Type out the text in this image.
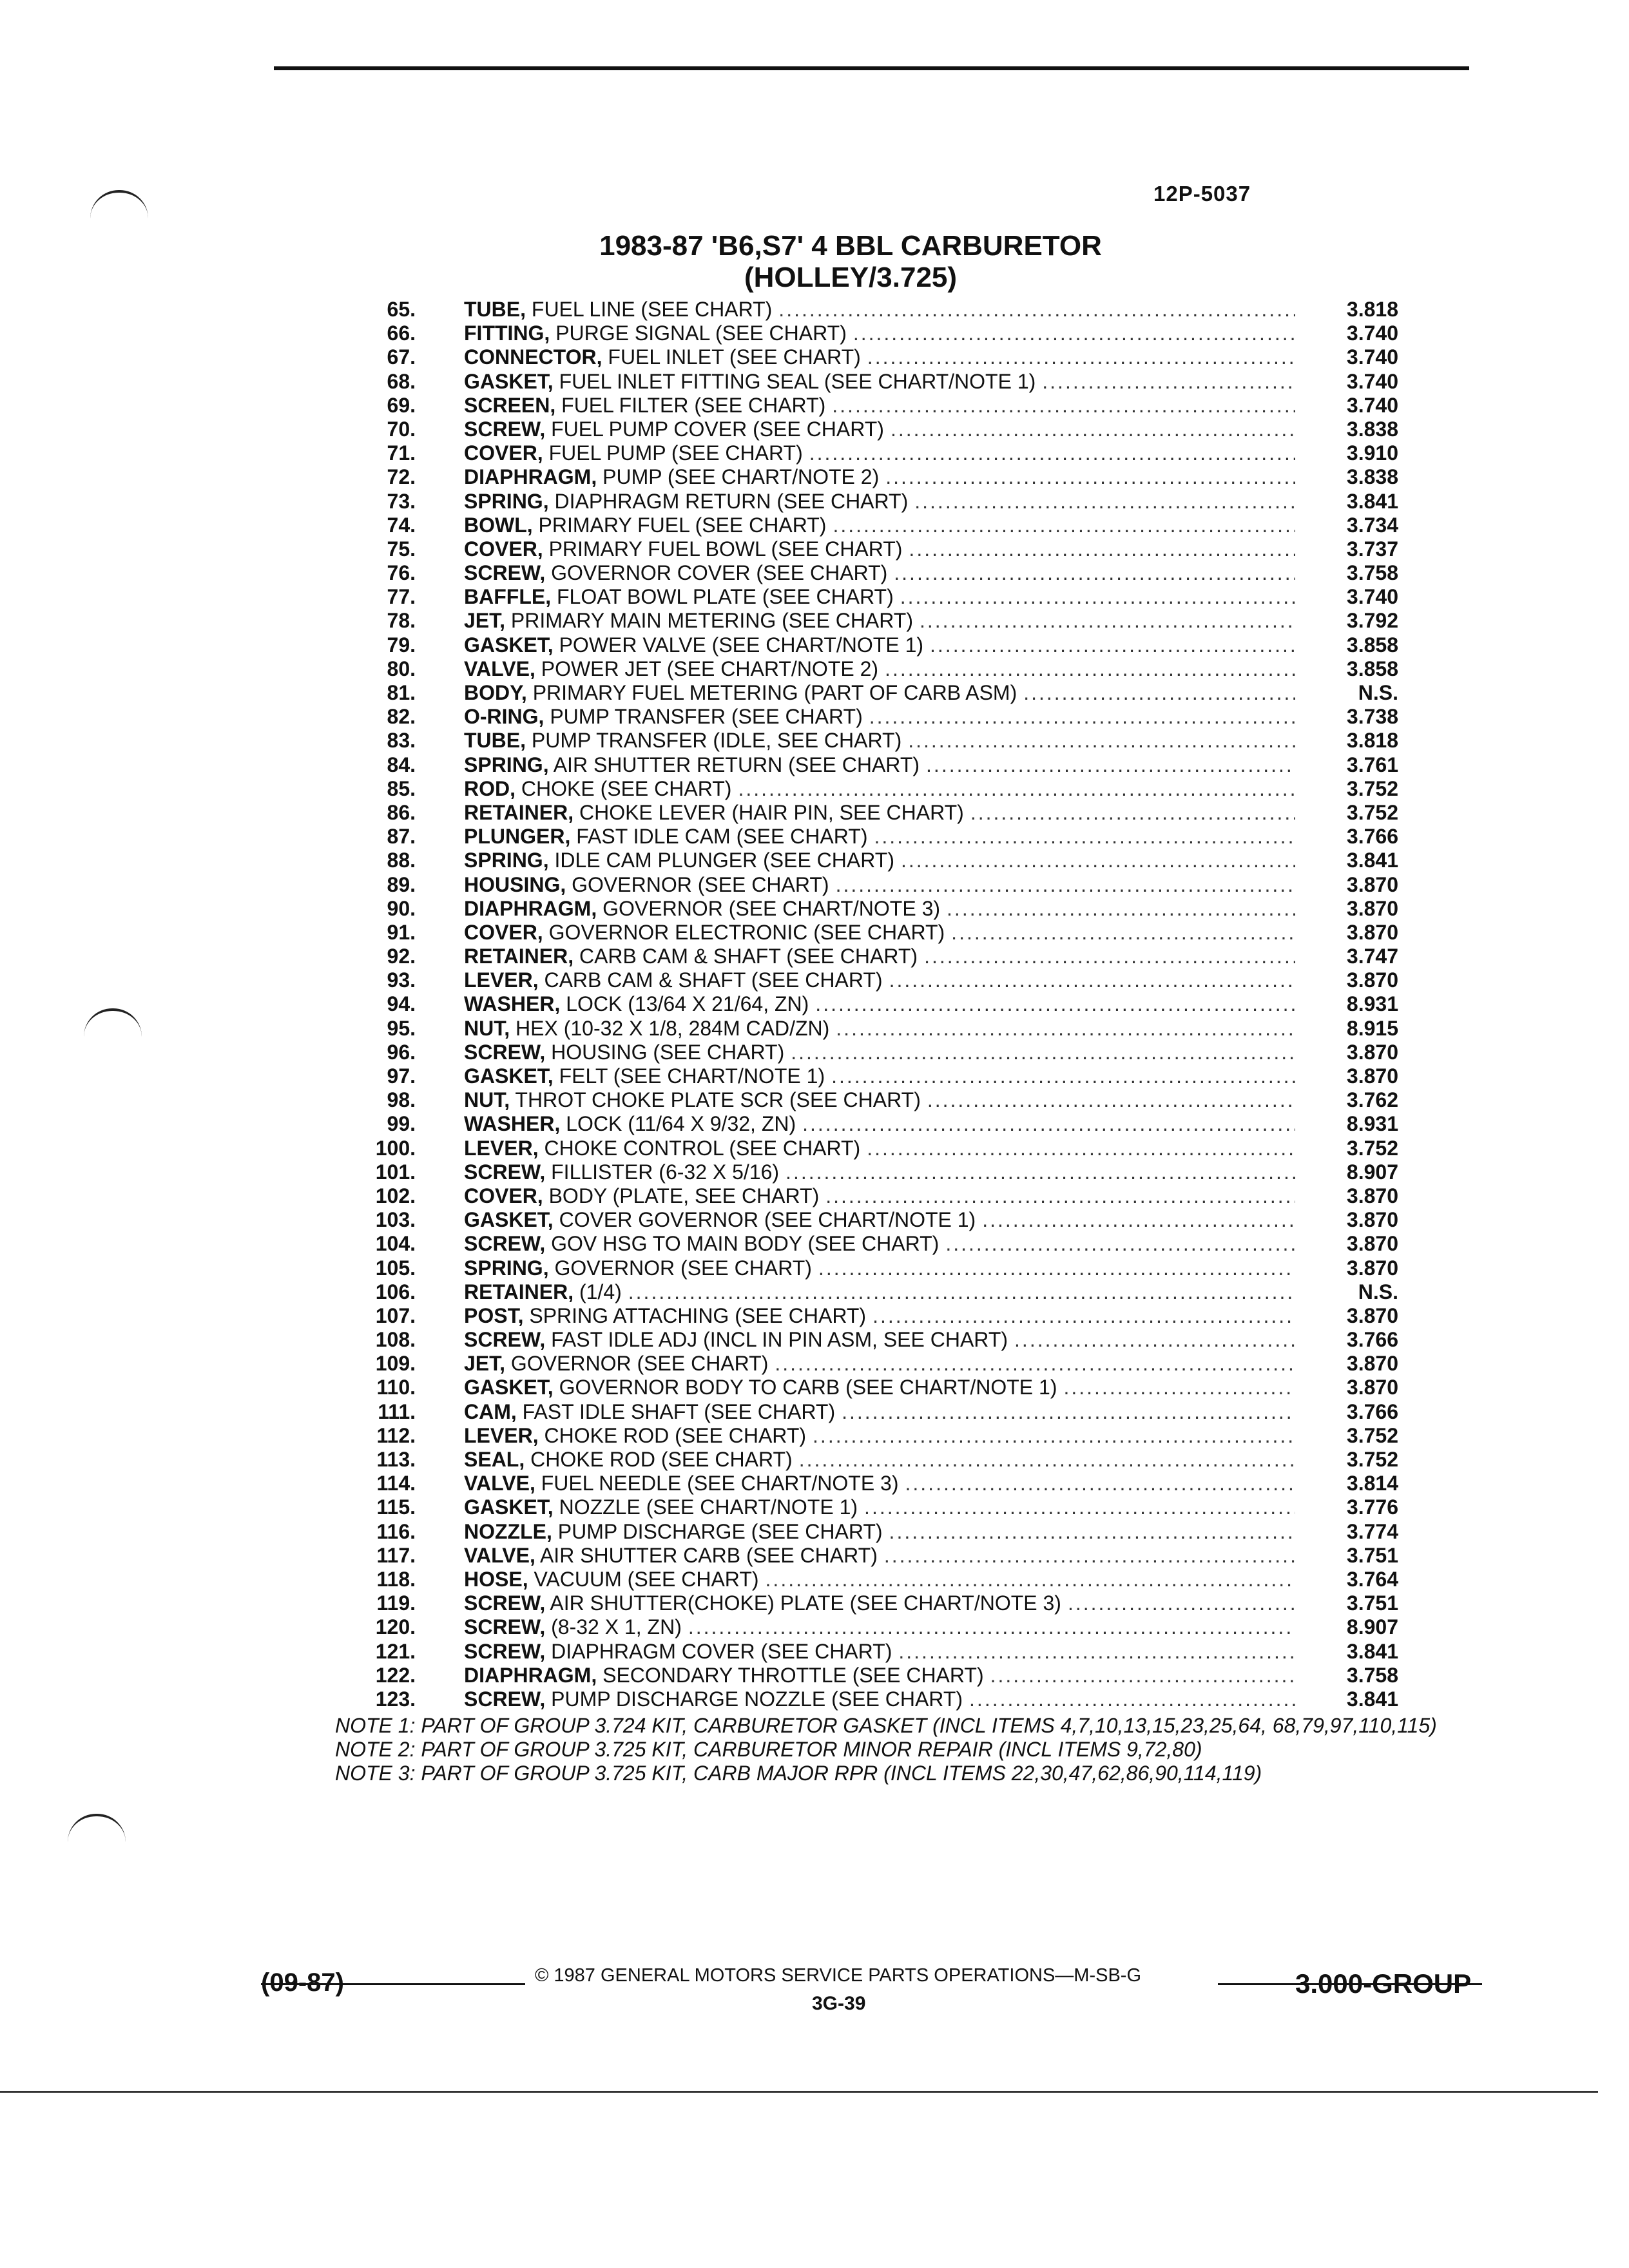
12P-5037
1983-87 'B6,S7' 4 BBL CARBURETOR
(HOLLEY/3.725)
65.	TUBE, FUEL LINE (SEE CHART) .....	3.818
66.	FITTING, PURGE SIGNAL (SEE CHART) .....	3.740
67.	CONNECTOR, FUEL INLET (SEE CHART) .....	3.740
68.	GASKET, FUEL INLET FITTING SEAL (SEE CHART/NOTE 1) .....	3.740
69.	SCREEN, FUEL FILTER (SEE CHART) .....	3.740
70.	SCREW, FUEL PUMP COVER (SEE CHART) .....	3.838
71.	COVER, FUEL PUMP (SEE CHART) .....	3.910
72.	DIAPHRAGM, PUMP (SEE CHART/NOTE 2) .....	3.838
73.	SPRING, DIAPHRAGM RETURN (SEE CHART) .....	3.841
74.	BOWL, PRIMARY FUEL (SEE CHART) .....	3.734
75.	COVER, PRIMARY FUEL BOWL (SEE CHART) .....	3.737
76.	SCREW, GOVERNOR COVER (SEE CHART) .....	3.758
77.	BAFFLE, FLOAT BOWL PLATE (SEE CHART) .....	3.740
78.	JET, PRIMARY MAIN METERING (SEE CHART) .....	3.792
79.	GASKET, POWER VALVE (SEE CHART/NOTE 1) .....	3.858
80.	VALVE, POWER JET (SEE CHART/NOTE 2) .....	3.858
81.	BODY, PRIMARY FUEL METERING (PART OF CARB ASM) .....	N.S.
82.	O-RING, PUMP TRANSFER (SEE CHART) .....	3.738
83.	TUBE, PUMP TRANSFER (IDLE, SEE CHART) .....	3.818
84.	SPRING, AIR SHUTTER RETURN (SEE CHART) .....	3.761
85.	ROD, CHOKE (SEE CHART) .....	3.752
86.	RETAINER, CHOKE LEVER (HAIR PIN, SEE CHART) .....	3.752
87.	PLUNGER, FAST IDLE CAM (SEE CHART) .....	3.766
88.	SPRING, IDLE CAM PLUNGER (SEE CHART) .....	3.841
89.	HOUSING, GOVERNOR (SEE CHART) .....	3.870
90.	DIAPHRAGM, GOVERNOR (SEE CHART/NOTE 3) .....	3.870
91.	COVER, GOVERNOR ELECTRONIC (SEE CHART) .....	3.870
92.	RETAINER, CARB CAM & SHAFT (SEE CHART) .....	3.747
93.	LEVER, CARB CAM & SHAFT (SEE CHART) .....	3.870
94.	WASHER, LOCK (13/64 X 21/64, ZN) .....	8.931
95.	NUT, HEX (10-32 X 1/8, 284M CAD/ZN) .....	8.915
96.	SCREW, HOUSING (SEE CHART) .....	3.870
97.	GASKET, FELT (SEE CHART/NOTE 1) .....	3.870
98.	NUT, THROT CHOKE PLATE SCR (SEE CHART) .....	3.762
99.	WASHER, LOCK (11/64 X 9/32, ZN) .....	8.931
100.	LEVER, CHOKE CONTROL (SEE CHART) .....	3.752
101.	SCREW, FILLISTER (6-32 X 5/16) .....	8.907
102.	COVER, BODY (PLATE, SEE CHART) .....	3.870
103.	GASKET, COVER GOVERNOR (SEE CHART/NOTE 1) .....	3.870
104.	SCREW, GOV HSG TO MAIN BODY (SEE CHART) .....	3.870
105.	SPRING, GOVERNOR (SEE CHART) .....	3.870
106.	RETAINER, (1/4) .....	N.S.
107.	POST, SPRING ATTACHING (SEE CHART) .....	3.870
108.	SCREW, FAST IDLE ADJ (INCL IN PIN ASM, SEE CHART) .....	3.766
109.	JET, GOVERNOR (SEE CHART) .....	3.870
110.	GASKET, GOVERNOR BODY TO CARB (SEE CHART/NOTE 1) .....	3.870
111.	CAM, FAST IDLE SHAFT (SEE CHART) .....	3.766
112.	LEVER, CHOKE ROD (SEE CHART) .....	3.752
113.	SEAL, CHOKE ROD (SEE CHART) .....	3.752
114.	VALVE, FUEL NEEDLE (SEE CHART/NOTE 3) .....	3.814
115.	GASKET, NOZZLE (SEE CHART/NOTE 1) .....	3.776
116.	NOZZLE, PUMP DISCHARGE (SEE CHART) .....	3.774
117.	VALVE, AIR SHUTTER CARB (SEE CHART) .....	3.751
118.	HOSE, VACUUM (SEE CHART) .....	3.764
119.	SCREW, AIR SHUTTER(CHOKE) PLATE (SEE CHART/NOTE 3) .....	3.751
120.	SCREW, (8-32 X 1, ZN) .....	8.907
121.	SCREW, DIAPHRAGM COVER (SEE CHART) .....	3.841
122.	DIAPHRAGM, SECONDARY THROTTLE (SEE CHART) .....	3.758
123.	SCREW, PUMP DISCHARGE NOZZLE (SEE CHART) .....	3.841

NOTE 1: PART OF GROUP 3.724 KIT, CARBURETOR GASKET (INCL ITEMS 4,7,10,13,15,23,25,64, 68,79,97,110,115)

NOTE 2: PART OF GROUP 3.725 KIT, CARBURETOR MINOR REPAIR (INCL ITEMS 9,72,80)

NOTE 3: PART OF GROUP 3.725 KIT, CARB MAJOR RPR (INCL ITEMS 22,30,47,62,86,90,114,119)

(09-87)	© 1987 GENERAL MOTORS SERVICE PARTS OPERATIONS—M-SB-G
3G-39
3.000-GROUP
